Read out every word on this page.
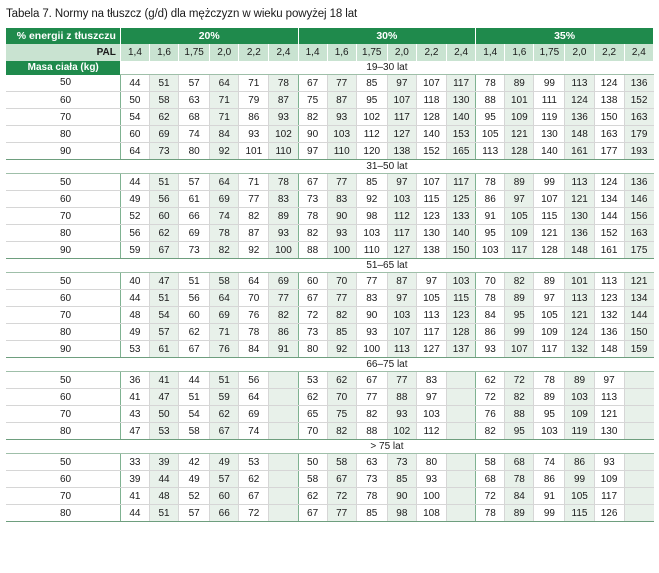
Tabela 7. Normy na tłuszcz (g/d) dla mężczyzn w wieku powyżej 18 lat
% energii z tłuszczu	20%						30%						35%					
PAL	1,4	1,6	1,75	2,0	2,2	2,4	1,4	1,6	1,75	2,0	2,2	2,4	1,4	1,6	1,75	2,0	2,2	2,4
Masa ciała (kg)	19–30 lat																	
50	44	51	57	64	71	78	67	77	85	97	107	117	78	89	99	113	124	136
60	50	58	63	71	79	87	75	87	95	107	118	130	88	101	111	124	138	152
70	54	62	68	71	86	93	82	93	102	117	128	140	95	109	119	136	150	163
80	60	69	74	84	93	102	90	103	112	127	140	153	105	121	130	148	163	179
90	64	73	80	92	101	110	97	110	120	138	152	165	113	128	140	161	177	193
	31–50 lat																	
50	44	51	57	64	71	78	67	77	85	97	107	117	78	89	99	113	124	136
60	49	56	61	69	77	83	73	83	92	103	115	125	86	97	107	121	134	146
70	52	60	66	74	82	89	78	90	98	112	123	133	91	105	115	130	144	156
80	56	62	69	78	87	93	82	93	103	117	130	140	95	109	121	136	152	163
90	59	67	73	82	92	100	88	100	110	127	138	150	103	117	128	148	161	175
	51–65 lat																	
50	40	47	51	58	64	69	60	70	77	87	97	103	70	82	89	101	113	121
60	44	51	56	64	70	77	67	77	83	97	105	115	78	89	97	113	123	134
70	48	54	60	69	76	82	72	82	90	103	113	123	84	95	105	121	132	144
80	49	57	62	71	78	86	73	85	93	107	117	128	86	99	109	124	136	150
90	53	61	67	76	84	91	80	92	100	113	127	137	93	107	117	132	148	159
	66–75 lat																	
50	36	41	44	51	56		53	62	67	77	83		62	72	78	89	97	
60	41	47	51	59	64		62	70	77	88	97		72	82	89	103	113	
70	43	50	54	62	69		65	75	82	93	103		76	88	95	109	121	
80	47	53	58	67	74		70	82	88	102	112		82	95	103	119	130	
	> 75 lat																	
50	33	39	42	49	53		50	58	63	73	80		58	68	74	86	93	
60	39	44	49	57	62		58	67	73	85	93		68	78	86	99	109	
70	41	48	52	60	67		62	72	78	90	100		72	84	91	105	117	
80	44	51	57	66	72		67	77	85	98	108		78	89	99	115	126	
